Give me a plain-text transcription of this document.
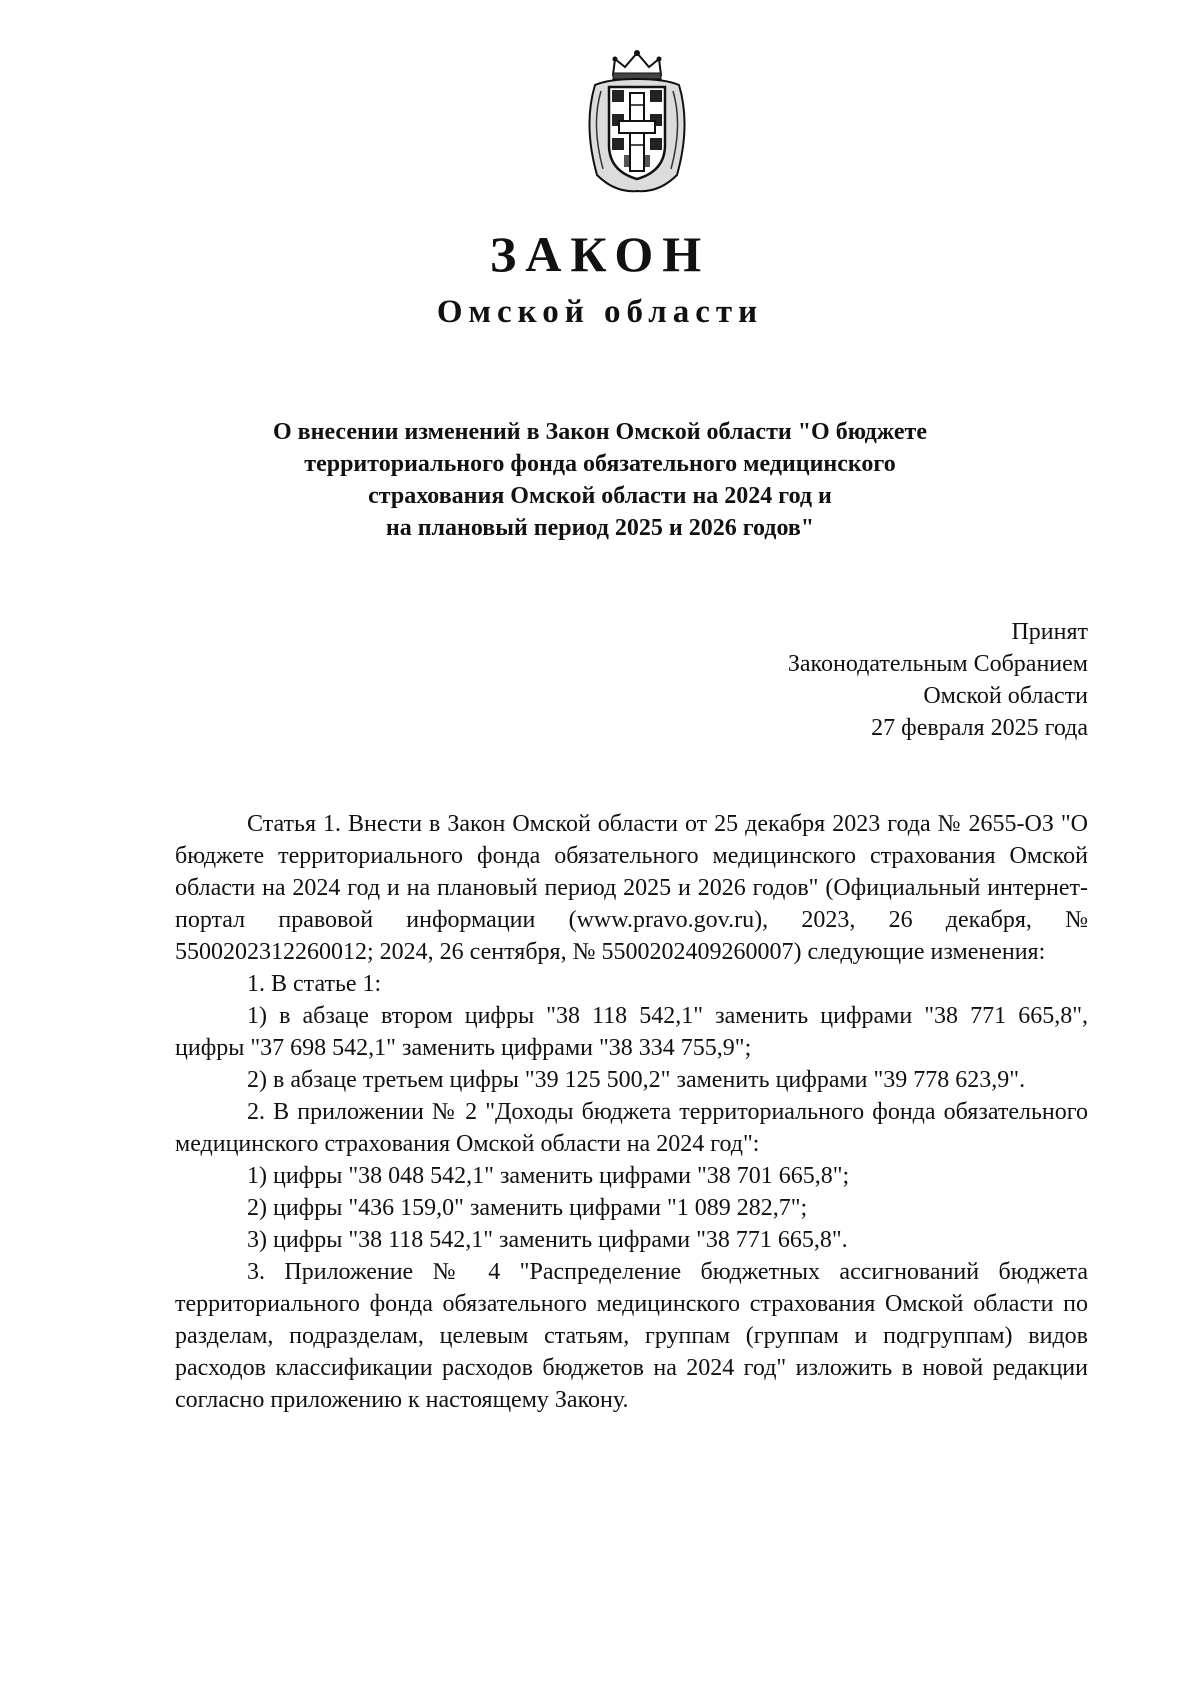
ЗАКОН
Омской области
О внесении изменений в Закон Омской области "О бюджете
территориального фонда обязательного медицинского
страхования Омской области на 2024 год и
на плановый период 2025 и 2026 годов"
Принят
Законодательным Собранием
Омской области
27 февраля 2025 года

Статья 1. Внести в Закон Омской области от 25 декабря 2023 года № 2655-ОЗ "О бюджете территориального фонда обязательного медицинского страхования Омской области на 2024 год и на плановый период 2025 и 2026 годов" (Официальный интернет-портал правовой информации (www.pravo.gov.ru), 2023, 26 декабря, № 5500202312260012; 2024, 26 сентября, № 5500202409260007) следующие изменения:

1. В статье 1:

1) в абзаце втором цифры "38 118 542,1" заменить цифрами "38 771 665,8", цифры "37 698 542,1" заменить цифрами "38 334 755,9";

2) в абзаце третьем цифры "39 125 500,2" заменить цифрами "39 778 623,9".

2. В приложении № 2 "Доходы бюджета территориального фонда обязательного медицинского страхования Омской области на 2024 год":

1) цифры "38 048 542,1" заменить цифрами "38 701 665,8";

2) цифры "436 159,0" заменить цифрами "1 089 282,7";

3) цифры "38 118 542,1" заменить цифрами "38 771 665,8".

3. Приложение № 4 "Распределение бюджетных ассигнований бюджета территориального фонда обязательного медицинского страхования Омской области по разделам, подразделам, целевым статьям, группам (группам и подгруппам) видов расходов классификации расходов бюджетов на 2024 год" изложить в новой редакции согласно приложению к настоящему Закону.
